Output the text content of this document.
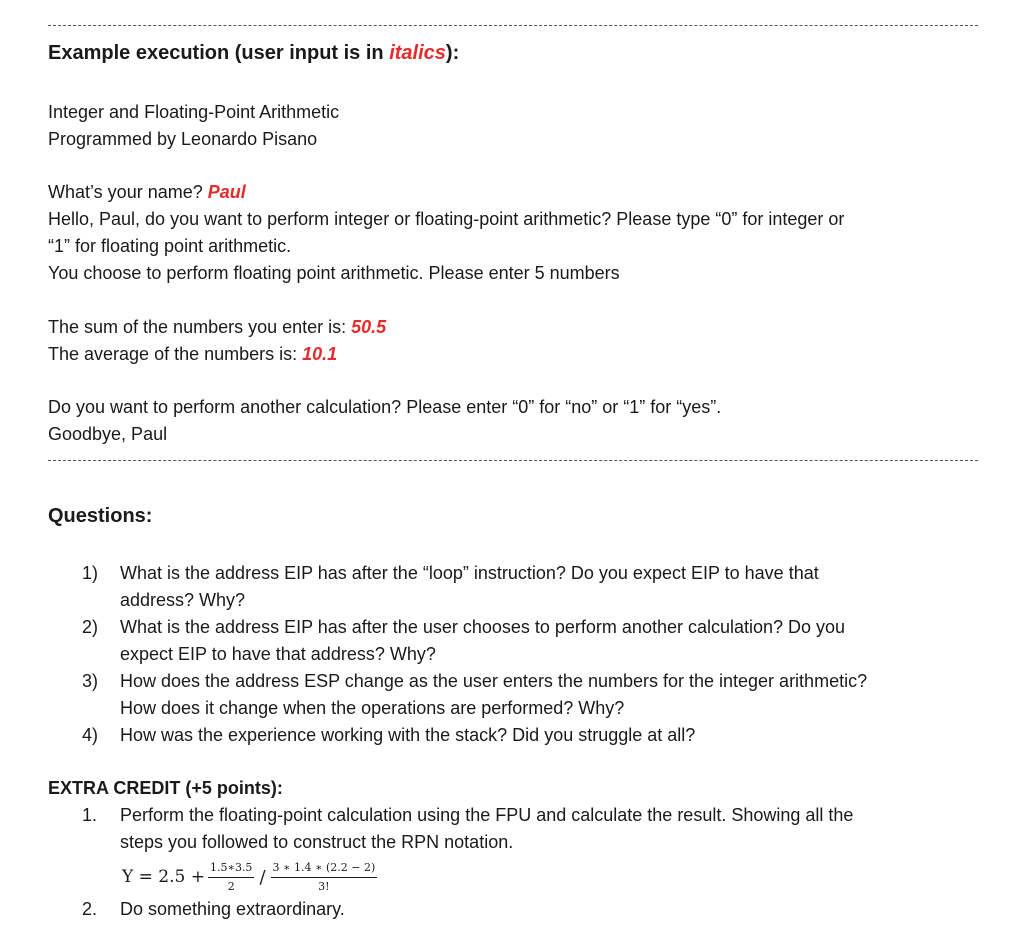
Example execution (user input is in italics):
Integer and Floating-Point Arithmetic
Programmed by Leonardo Pisano
What’s your name? Paul
Hello, Paul, do you want to perform integer or floating-point arithmetic? Please type “0” for integer or
“1” for floating point arithmetic.
You choose to perform floating point arithmetic. Please enter 5 numbers
The sum of the numbers you enter is: 50.5
The average of the numbers is: 10.1
Do you want to perform another calculation? Please enter “0” for “no” or “1” for “yes”.
Goodbye, Paul
Questions:
1) What is the address EIP has after the “loop” instruction? Do you expect EIP to have that
address? Why?
2) What is the address EIP has after the user chooses to perform another calculation? Do you
expect EIP to have that address? Why?
3) How does the address ESP change as the user enters the numbers for the integer arithmetic?
How does it change when the operations are performed? Why?
4) How was the experience working with the stack? Did you struggle at all?
EXTRA CREDIT (+5 points):
1. Perform the floating-point calculation using the FPU and calculate the result. Showing all the
steps you followed to construct the RPN notation.
$Y = 2.5 + \frac{1.5∗3.5}{2} / \frac{3 ∗ 1.4 ∗ (2.2 - 2)}{3!}$
2. Do something extraordinary.
